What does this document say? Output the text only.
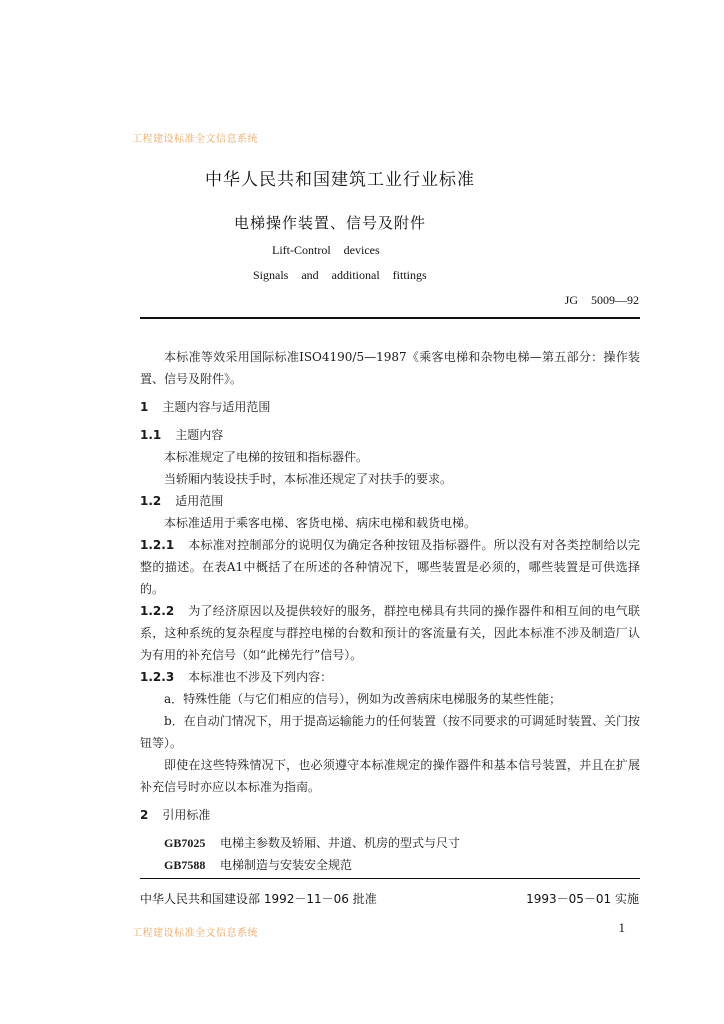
工程建设标准全文信息系统
中华人民共和国建筑工业行业标准
电梯操作装置、信号及附件
Lift-Control devices
Signals and additional fittings
JG 5009—92
本标准等效采用国际标准ISO4190/5—1987《乘客电梯和杂物电梯—第五部分：操作装置、信号及附件》。
1 主题内容与适用范围
1.1 主题内容
本标准规定了电梯的按钮和指标器件。
当轿厢内装设扶手时，本标准还规定了对扶手的要求。
1.2 适用范围
本标准适用于乘客电梯、客货电梯、病床电梯和载货电梯。
1.2.1 本标准对控制部分的说明仅为确定各种按钮及指标器件。所以没有对各类控制给以完整的描述。在表A1中概括了在所述的各种情况下，哪些装置是必须的，哪些装置是可供选择的。
1.2.2 为了经济原因以及提供较好的服务，群控电梯具有共同的操作器件和相互间的电气联系，这种系统的复杂程度与群控电梯的台数和预计的客流量有关，因此本标准不涉及制造厂认为有用的补充信号（如“此梯先行”信号）。
1.2.3 本标准也不涉及下列内容：
a．特殊性能（与它们相应的信号），例如为改善病床电梯服务的某些性能；
b．在自动门情况下，用于提高运输能力的任何装置（按不同要求的可调延时装置、关门按钮等）。
即使在这些特殊情况下，也必须遵守本标准规定的操作器件和基本信号装置，并且在扩展补充信号时亦应以本标准为指南。
2 引用标准
GB7025 电梯主参数及轿厢、井道、机房的型式与尺寸
GB7588 电梯制造与安装安全规范
中华人民共和国建设部 1992－11－06 批准	1993－05－01 实施
工程建设标准全文信息系统	1
